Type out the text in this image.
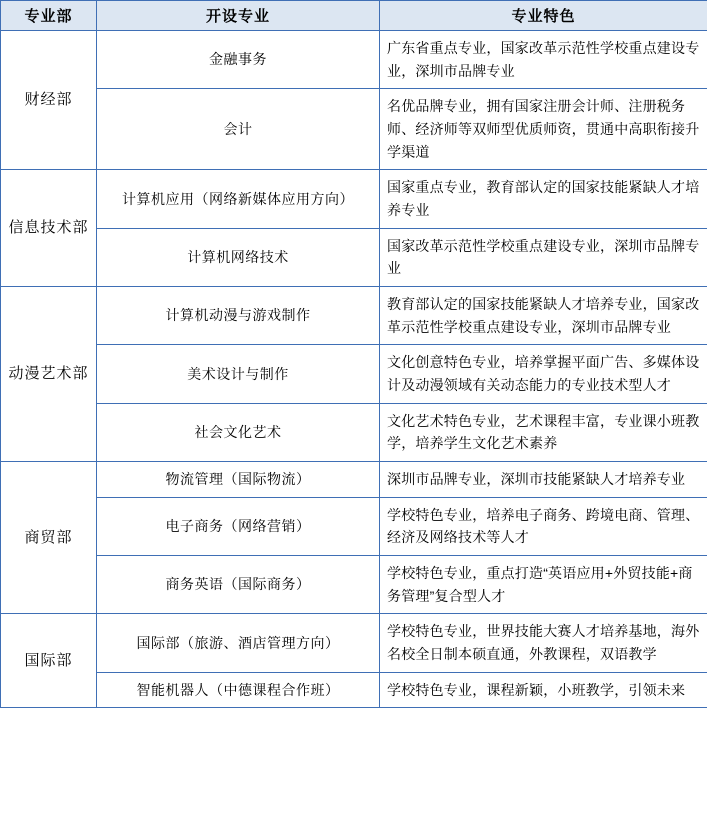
专业部	开设专业	专业特色
财经部	金融事务	广东省重点专业，国家改革示范性学校重点建设专业，深圳市品牌专业

	会计	名优品牌专业，拥有国家注册会计师、注册税务师、经济师等双师型优质师资，贯通中高职衔接升学渠道

信息技术部	计算机应用（网络新媒体应用方向）	国家重点专业，教育部认定的国家技能紧缺人才培养专业

	计算机网络技术	国家改革示范性学校重点建设专业，深圳市品牌专业

动漫艺术部	计算机动漫与游戏制作	教育部认定的国家技能紧缺人才培养专业，国家改革示范性学校重点建设专业，深圳市品牌专业

	美术设计与制作	文化创意特色专业，培养掌握平面广告、多媒体设计及动漫领域有关动态能力的专业技术型人才

	社会文化艺术	文化艺术特色专业，艺术课程丰富，专业课小班教学，培养学生文化艺术素养

商贸部	物流管理（国际物流）	深圳市品牌专业，深圳市技能紧缺人才培养专业

	电子商务（网络营销）	学校特色专业，培养电子商务、跨境电商、管理、经济及网络技术等人才

	商务英语（国际商务）	学校特色专业，重点打造“英语应用+外贸技能+商务管理”复合型人才

国际部	国际部（旅游、酒店管理方向）	学校特色专业，世界技能大赛人才培养基地，海外名校全日制本硕直通，外教课程，双语教学

	智能机器人（中德课程合作班）	学校特色专业，课程新颖，小班教学，引领未来
